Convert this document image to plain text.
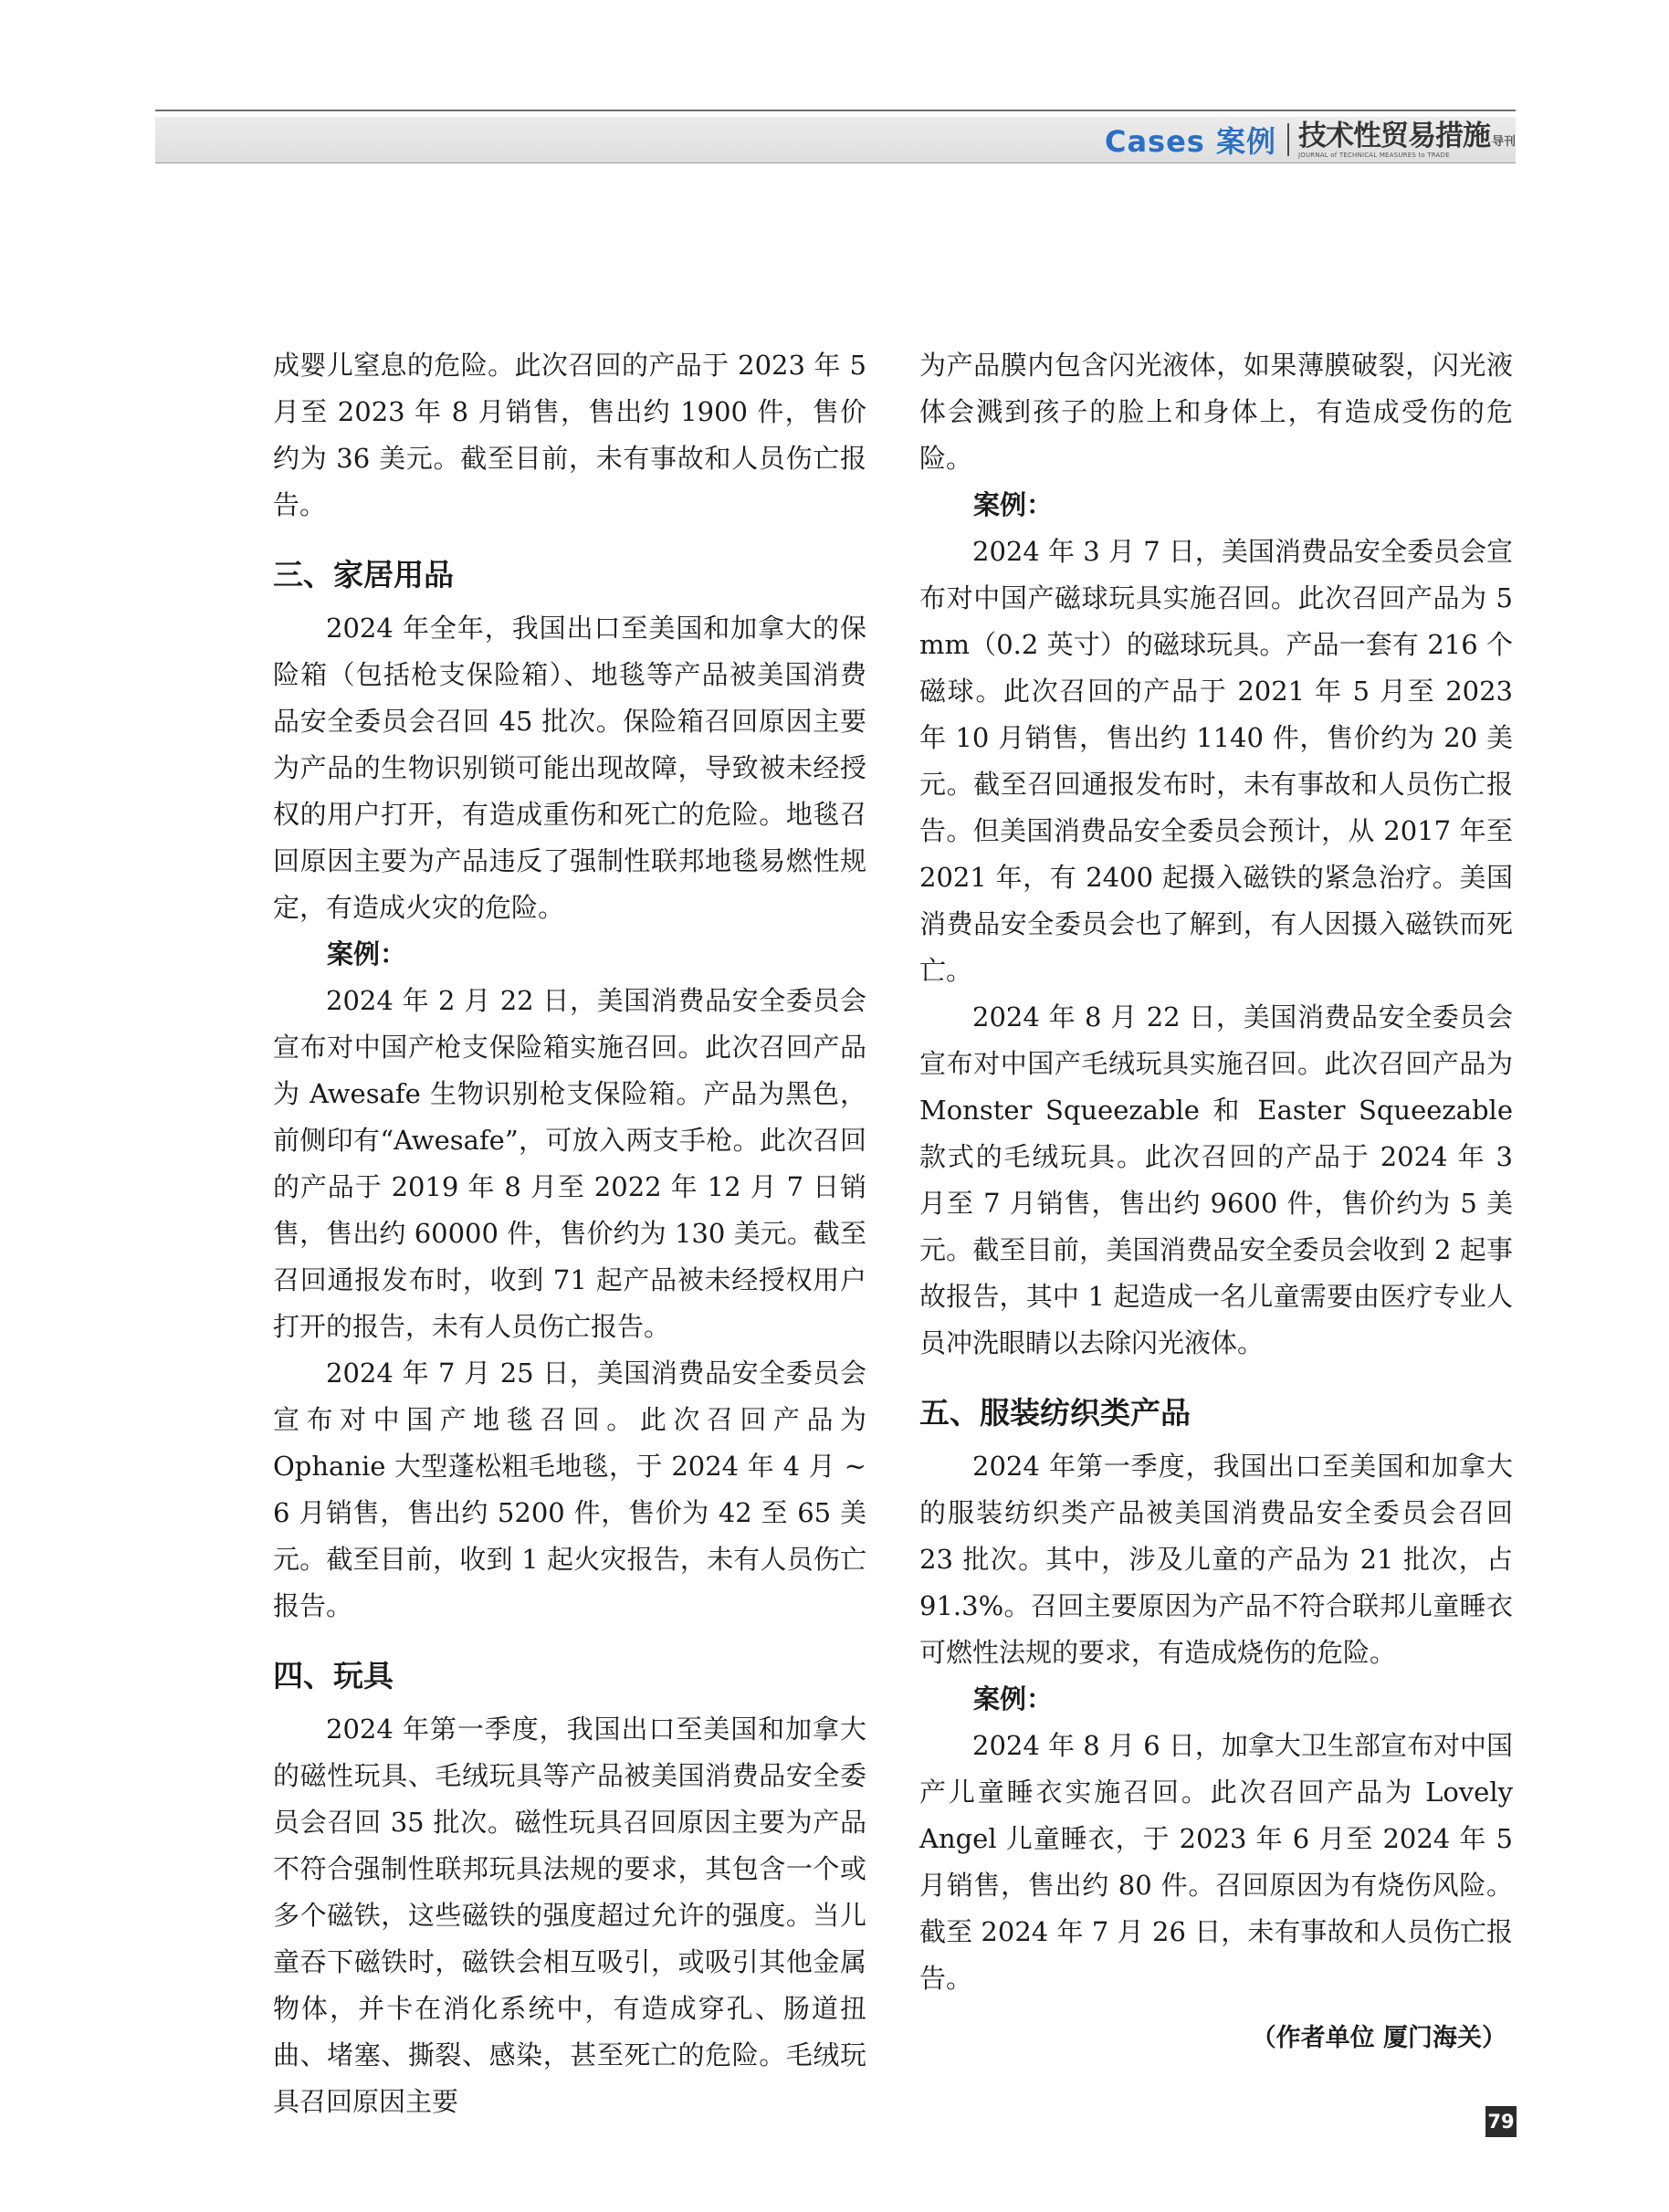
Cases 案例 技术性贸易措施 导刊
JOURNAL of TECHNICAL MEASURES to TRADE

成婴儿窒息的危险。此次召回的产品于 2023 年 5 月至 2023 年 8 月销售，售出约 1900 件，售价约为 36 美元。截至目前，未有事故和人员伤亡报告。

三、家居用品

2024 年全年，我国出口至美国和加拿大的保险箱（包括枪支保险箱）、地毯等产品被美国消费品安全委员会召回 45 批次。保险箱召回原因主要为产品的生物识别锁可能出现故障，导致被未经授权的用户打开，有造成重伤和死亡的危险。地毯召回原因主要为产品违反了强制性联邦地毯易燃性规定，有造成火灾的危险。

案例：

2024 年 2 月 22 日，美国消费品安全委员会宣布对中国产枪支保险箱实施召回。此次召回产品为 Awesafe 生物识别枪支保险箱。产品为黑色，前侧印有“Awesafe”，可放入两支手枪。此次召回的产品于 2019 年 8 月至 2022 年 12 月 7 日销售，售出约 60000 件，售价约为 130 美元。截至召回通报发布时，收到 71 起产品被未经授权用户打开的报告，未有人员伤亡报告。

2024 年 7 月 25 日，美国消费品安全委员会宣布对中国产地毯召回。此次召回产品为 Ophanie 大型蓬松粗毛地毯，于 2024 年 4 月 ~ 6 月销售，售出约 5200 件，售价为 42 至 65 美元。截至目前，收到 1 起火灾报告，未有人员伤亡报告。

四、玩具

2024 年第一季度，我国出口至美国和加拿大的磁性玩具、毛绒玩具等产品被美国消费品安全委员会召回 35 批次。磁性玩具召回原因主要为产品不符合强制性联邦玩具法规的要求，其包含一个或多个磁铁，这些磁铁的强度超过允许的强度。当儿童吞下磁铁时，磁铁会相互吸引，或吸引其他金属物体，并卡在消化系统中，有造成穿孔、肠道扭曲、堵塞、撕裂、感染，甚至死亡的危险。毛绒玩具召回原因主要

为产品膜内包含闪光液体，如果薄膜破裂，闪光液体会溅到孩子的脸上和身体上，有造成受伤的危险。

案例：

2024 年 3 月 7 日，美国消费品安全委员会宣布对中国产磁球玩具实施召回。此次召回产品为 5 mm（0.2 英寸）的磁球玩具。产品一套有 216 个磁球。此次召回的产品于 2021 年 5 月至 2023 年 10 月销售，售出约 1140 件，售价约为 20 美元。截至召回通报发布时，未有事故和人员伤亡报告。但美国消费品安全委员会预计，从 2017 年至 2021 年，有 2400 起摄入磁铁的紧急治疗。美国消费品安全委员会也了解到，有人因摄入磁铁而死亡。

2024 年 8 月 22 日，美国消费品安全委员会宣布对中国产毛绒玩具实施召回。此次召回产品为 Monster Squeezable 和 Easter Squeezable 款式的毛绒玩具。此次召回的产品于 2024 年 3 月至 7 月销售，售出约 9600 件，售价约为 5 美元。截至目前，美国消费品安全委员会收到 2 起事故报告，其中 1 起造成一名儿童需要由医疗专业人员冲洗眼睛以去除闪光液体。

五、服装纺织类产品

2024 年第一季度，我国出口至美国和加拿大的服装纺织类产品被美国消费品安全委员会召回 23 批次。其中，涉及儿童的产品为 21 批次，占 91.3%。召回主要原因为产品不符合联邦儿童睡衣可燃性法规的要求，有造成烧伤的危险。

案例：

2024 年 8 月 6 日，加拿大卫生部宣布对中国产儿童睡衣实施召回。此次召回产品为 Lovely Angel 儿童睡衣，于 2023 年 6 月至 2024 年 5 月销售，售出约 80 件。召回原因为有烧伤风险。截至 2024 年 7 月 26 日，未有事故和人员伤亡报告。

（作者单位 厦门海关）
79
